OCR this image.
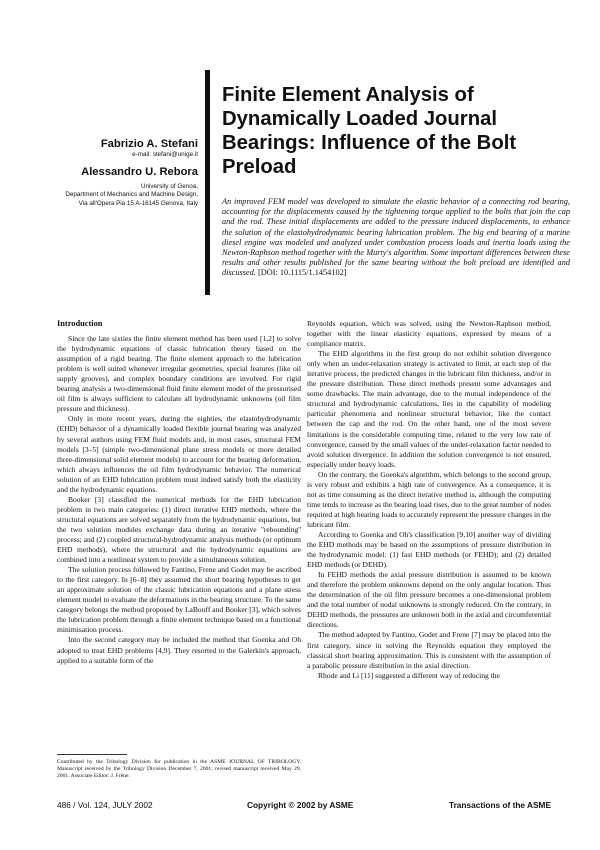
Fabrizio A. Stefani
e-mail: stefani@unige.it
Alessandro U. Rebora
University of Genoa,
Department of Mechanics and Machine Design,
Via all'Opera Pia 15 A-16145 Genova, Italy
Finite Element Analysis of Dynamically Loaded Journal Bearings: Influence of the Bolt Preload

An improved FEM model was developed to simulate the elastic behavior of a connecting rod bearing, accounting for the displacements caused by the tightening torque applied to the bolts that join the cap and the rod. These initial displacements are added to the pressure induced displacements, to enhance the solution of the elastohydrodynamic bearing lubrication problem. The big end bearing of a marine diesel engine was modeled and analyzed under combustion process loads and inertia loads using the Newton-Raphson method together with the Murty's algorithm. Some important differences between these results and other results published for the same bearing without the bolt preload are identified and discussed. [DOI: 10.1115/1.1454102]

Introduction

Since the late sixties the finite element method has been used [1,2] to solve the hydrodynamic equations of classic lubrication theory based on the assumption of a rigid bearing. The finite element approach to the lubrication problem is well suited whenever irregular geometries, special features (like oil supply grooves), and complex boundary conditions are involved. For rigid bearing analysis a two-dimensional fluid finite element model of the pressurised oil film is always sufficient to calculate all hydrodynamic unknowns (oil film pressure and thickness).

Only in more recent years, during the eighties, the elastohydrodynamic (EHD) behavior of a dynamically loaded flexible journal bearing was analyzed by several authors using FEM fluid models and, in most cases, structural FEM models [3–5] (simple two-dimensional plane stress models or more detailed three-dimensional solid element models) to account for the bearing deformation, which always influences the oil film hydrodynamic behavior. The numerical solution of an EHD lubrication problem must indeed satisfy both the elasticity and the hydrodynamic equations.

Booker [3] classified the numerical methods for the EHD lubrication problem in two main categories: (1) direct iterative EHD methods, where the structural equations are solved separately from the hydrodynamic equations, but the two solution modules exchange data during an iterative ''rebounding'' process; and (2) coupled structural-hydrodynamic analysis methods (or optimum EHD methods), where the structural and the hydrodynamic equations are combined into a nonlinear system to provide a simultaneous solution.

The solution process followed by Fantino, Frene and Godet may be ascribed to the first category. In [6–8] they assumed the short bearing hypotheses to get an approximate solution of the classic lubrication equations and a plane stress element model to evaluate the deformations in the bearing structure. To the same category belongs the method proposed by LaBouff and Booker [3], which solves the lubrication problem through a finite element technique based on a functional minimisation process.

Into the second category may be included the method that Goenka and Oh adopted to treat EHD problems [4,9]. They resorted to the Galerkin's approach, applied to a suitable form of the

Reynolds equation, which was solved, using the Newton-Raphson method, together with the linear elasticity equations, expressed by means of a compliance matrix.

The EHD algorithms in the first group do not exhibit solution divergence only when an under-relaxation strategy is activated to limit, at each step of the iterative process, the predicted changes in the lubricant film thickness, and/or in the pressure distribution. These direct methods present some advantages and some drawbacks. The main advantage, due to the mutual independence of the structural and hydrodynamic calculations, lies in the capability of modeling particular phenomena and nonlinear structural behavior, like the contact between the cap and the rod. On the other hand, one of the most severe limitations is the considerable computing time, related to the very low rate of convergence, caused by the small values of the under-relaxation factor needed to avoid solution divergence. In addition the solution convergence is not ensured, especially under heavy loads.

On the contrary, the Goenka's algorithm, which belongs to the second group, is very robust and exhibits a high rate of convergence. As a consequence, it is not as time consuming as the direct iterative method is, although the computing time tends to increase as the bearing load rises, due to the great number of nodes required at high bearing loads to accurately represent the pressure changes in the lubricant film.

According to Goenka and Oh's classification [9,10] another way of dividing the EHD methods may be based on the assumptions of pressure distribution in the hydrodynamic model: (1) fast EHD methods (or FEHD); and (2) detailed EHD methods (or DEHD).

In FEHD methods the axial pressure distribution is assumed to be known and therefore the problem unknowns depend on the only angular location. Thus the determination of the oil film pressure becomes a one-dimensional problem and the total number of nodal unknowns is strongly reduced. On the contrary, in DEHD methods, the pressures are unknown both in the axial and circumferential directions.

The method adopted by Fantino, Godet and Frene [7] may be placed into the first category, since in solving the Reynolds equation they employed the classical short bearing approximation. This is consistent with the assumption of a parabolic pressure distribution in the axial direction.

Rhode and Li [11] suggested a different way of reducing the

Contributed by the Tribology Division for publication in the ASME JOURNAL OF TRIBOLOGY. Manuscript received by the Tribology Division December 7, 2001; revised manuscript received May 29, 2001. Associate Editor: J. Frêne.

486 / Vol. 124, JULY 2002	Copyright © 2002 by ASME	Transactions of the ASME
